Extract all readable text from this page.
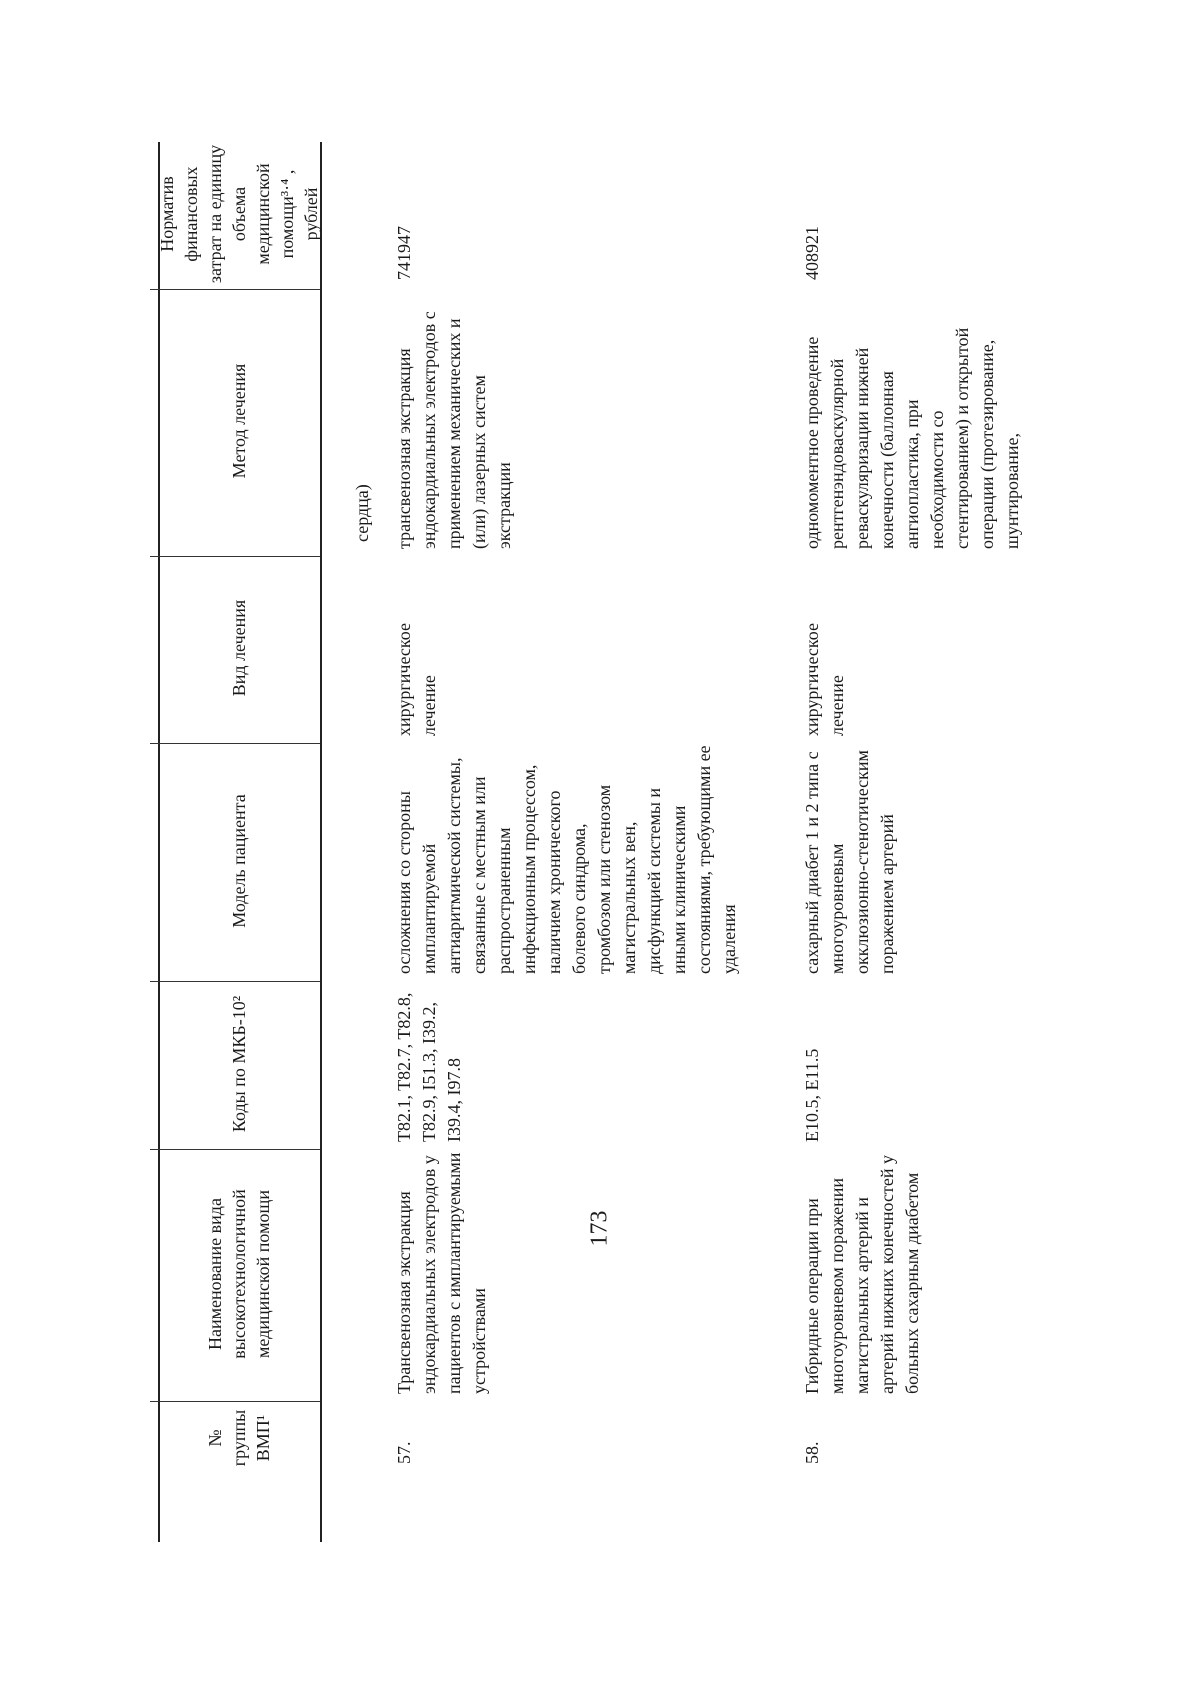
173
№ группы ВМП¹
Наименование вида высокотехнологичной медицинской помощи
Коды по МКБ-10²
Модель пациента
Вид лечения
Метод лечения
Норматив финансовых затрат на единицу объема медицинской помощи³·⁴ , рублей
сердца)
57.
Трансвенозная экстракция эндокардиальных электродов у пациентов с имплантируемыми устройствами
T82.1, T82.7, T82.8, T82.9, I51.3, I39.2, I39.4, I97.8
осложнения со стороны имплантируемой антиаритмической системы, связанные с местным или распространенным инфекционным процессом, наличием хронического болевого синдрома, тромбозом или стенозом магистральных вен, дисфункцией системы и иными клиническими состояниями, требующими ее удаления
хирургическое лечение
трансвенозная экстракция эндокардиальных электродов с применением механических и (или) лазерных систем экстракции
741947
58.
Гибридные операции при многоуровневом поражении магистральных артерий и артерий нижних конечностей у больных сахарным диабетом
E10.5, E11.5
сахарный диабет 1 и 2 типа с многоуровневым окклюзионно-стенотическим поражением артерий
хирургическое лечение
одномоментное проведение рентгенэндоваскулярной реваскуляризации нижней конечности (баллонная ангиопластика, при необходимости со стентированием) и открытой операции (протезирование, шунтирование,
408921
